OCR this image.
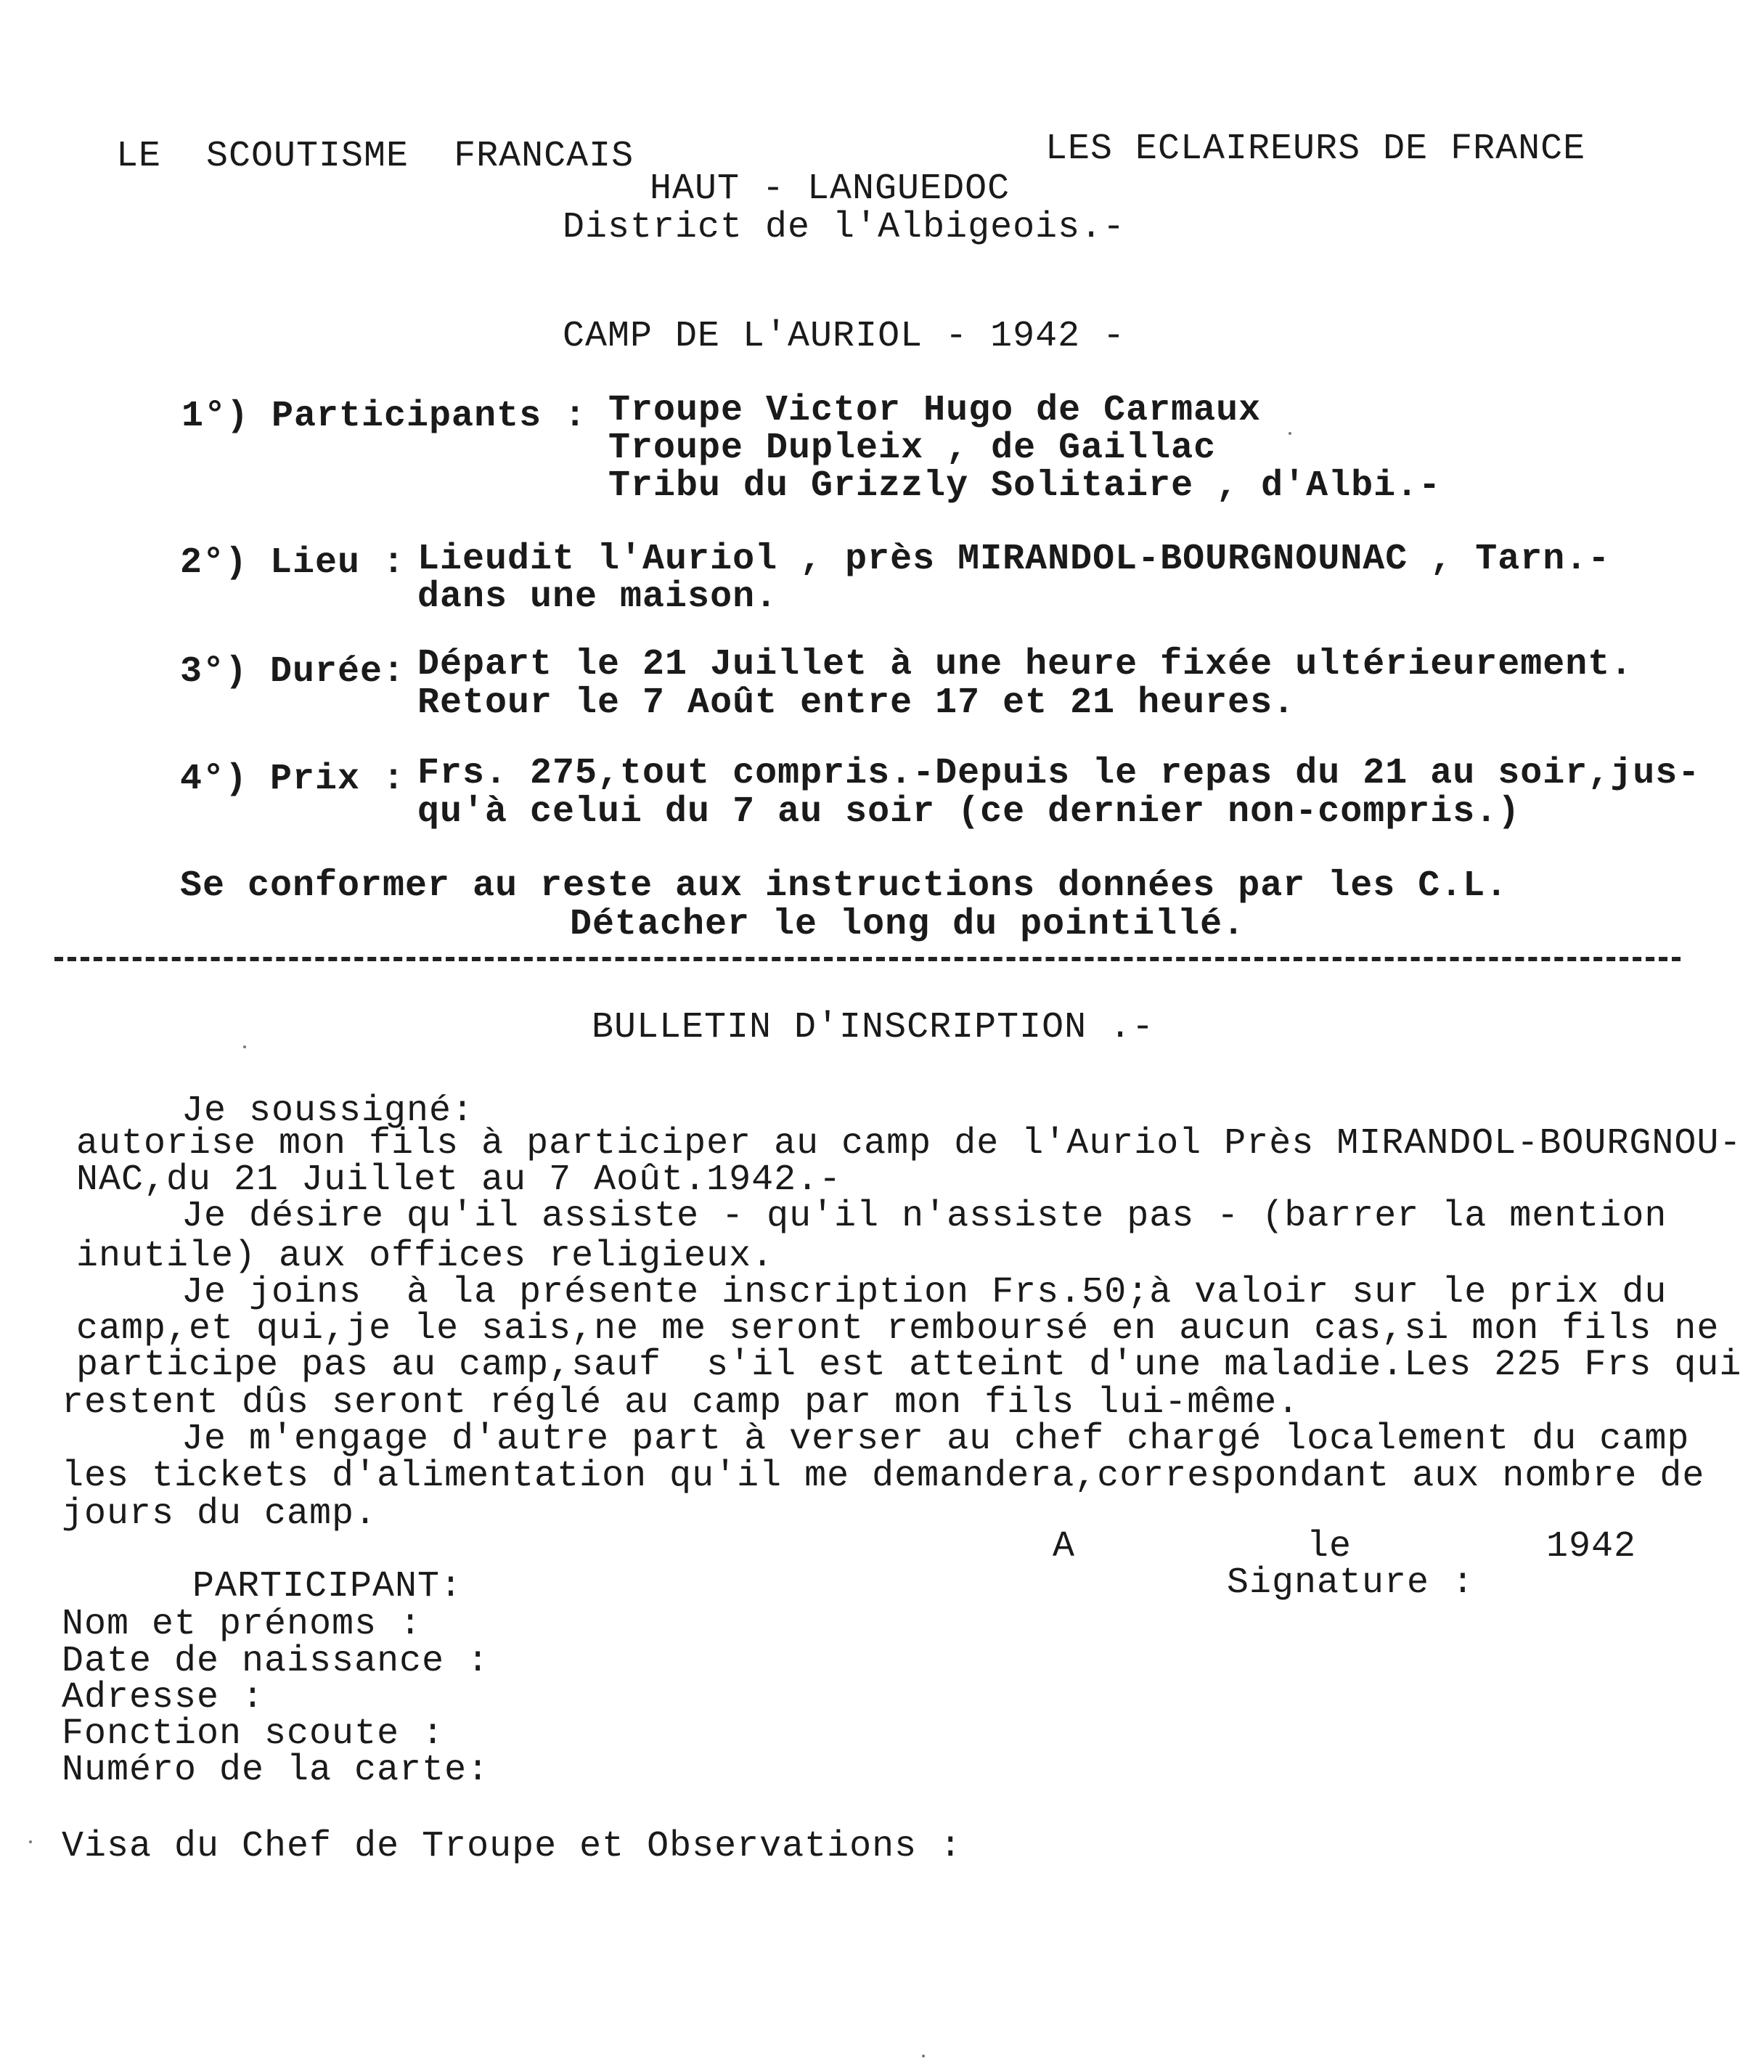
LE  SCOUTISME  FRANCAIS	LES ECLAIREURS DE FRANCE
HAUT - LANGUEDOC
District de l'Albigeois.-
CAMP DE L'AURIOL - 1942 -
1°) Participants : Troupe Victor Hugo de Carmaux
Troupe Dupleix , de Gaillac
Tribu du Grizzly Solitaire , d'Albi.-
2°) Lieu : Lieudit l'Auriol , près MIRANDOL-BOURGNOUNAC , Tarn.-
dans une maison.
3°) Durée: Départ le 21 Juillet à une heure fixée ultérieurement.
Retour le 7 Août entre 17 et 21 heures.
4°) Prix : Frs. 275,tout compris.-Depuis le repas du 21 au soir,jus-
qu'à celui du 7 au soir (ce dernier non-compris.)
Se conformer au reste aux instructions données par les C.L.
Détacher le long du pointillé.
BULLETIN D'INSCRIPTION .-
Je soussigné:
autorise mon fils à participer au camp de l'Auriol Près MIRANDOL-BOURGNOU-
NAC,du 21 Juillet au 7 Août.1942.-
Je désire qu'il assiste - qu'il n'assiste pas - (barrer la mention
inutile) aux offices religieux.
Je joins  à la présente inscription Frs.50;à valoir sur le prix du
camp,et qui,je le sais,ne me seront remboursé en aucun cas,si mon fils ne
participe pas au camp,sauf  s'il est atteint d'une maladie.Les 225 Frs qui
restent dûs seront réglé au camp par mon fils lui-même.
Je m'engage d'autre part à verser au chef chargé localement du camp
les tickets d'alimentation qu'il me demandera,correspondant aux nombre de
jours du camp.
A	le	1942
Signature :
PARTICIPANT:
Nom et prénoms :
Date de naissance :
Adresse :
Fonction scoute :
Numéro de la carte:
Visa du Chef de Troupe et Observations :
